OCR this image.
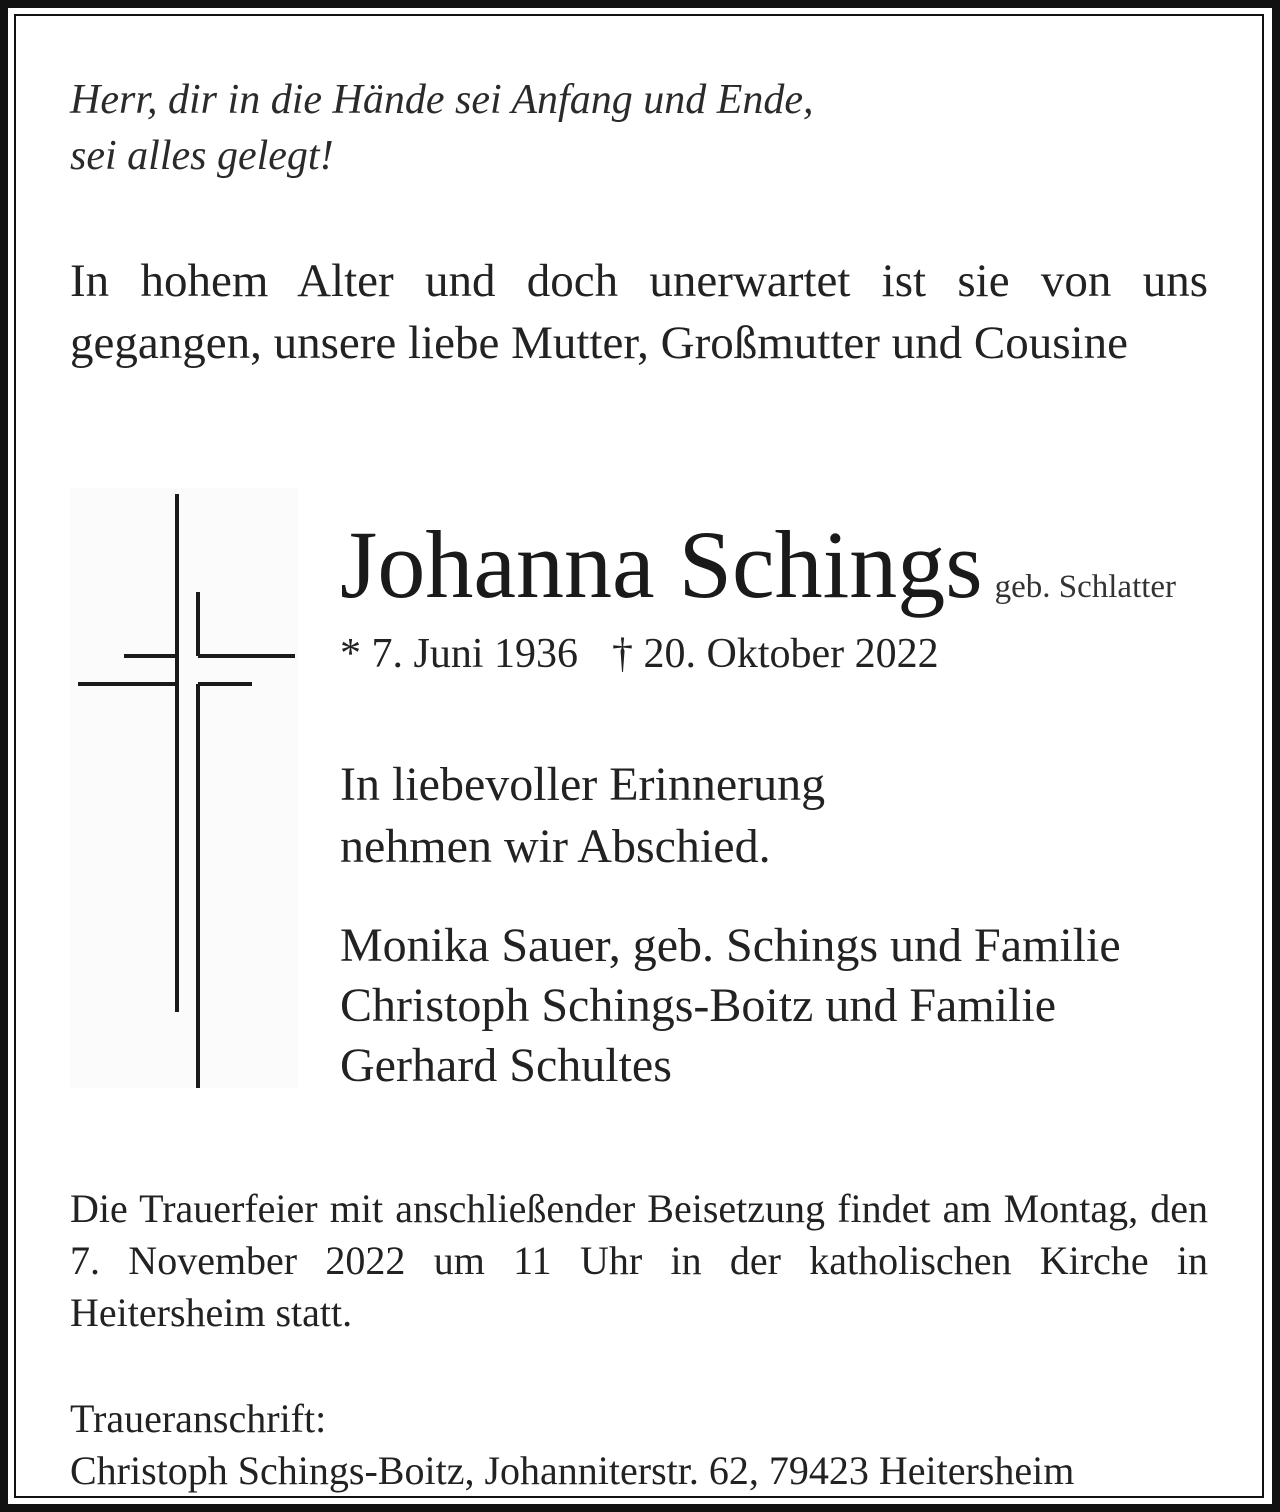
Herr, dir in die Hände sei Anfang und Ende,
sei alles gelegt!
In hohem Alter und doch unerwartet ist sie von uns gegangen, unsere liebe Mutter, Großmutter und Cousine
Johanna Schings geb. Schlatter
* 7. Juni 1936 † 20. Oktober 2022
In liebevoller Erinnerung
nehmen wir Abschied.
Monika Sauer, geb. Schings und Familie
Christoph Schings-Boitz und Familie
Gerhard Schultes
Die Trauerfeier mit anschließender Beisetzung findet am Montag, den 7. November 2022 um 11 Uhr in der katholischen Kirche in Heitersheim statt.
Traueranschrift:
Christoph Schings-Boitz, Johanniterstr. 62, 79423 Heitersheim
